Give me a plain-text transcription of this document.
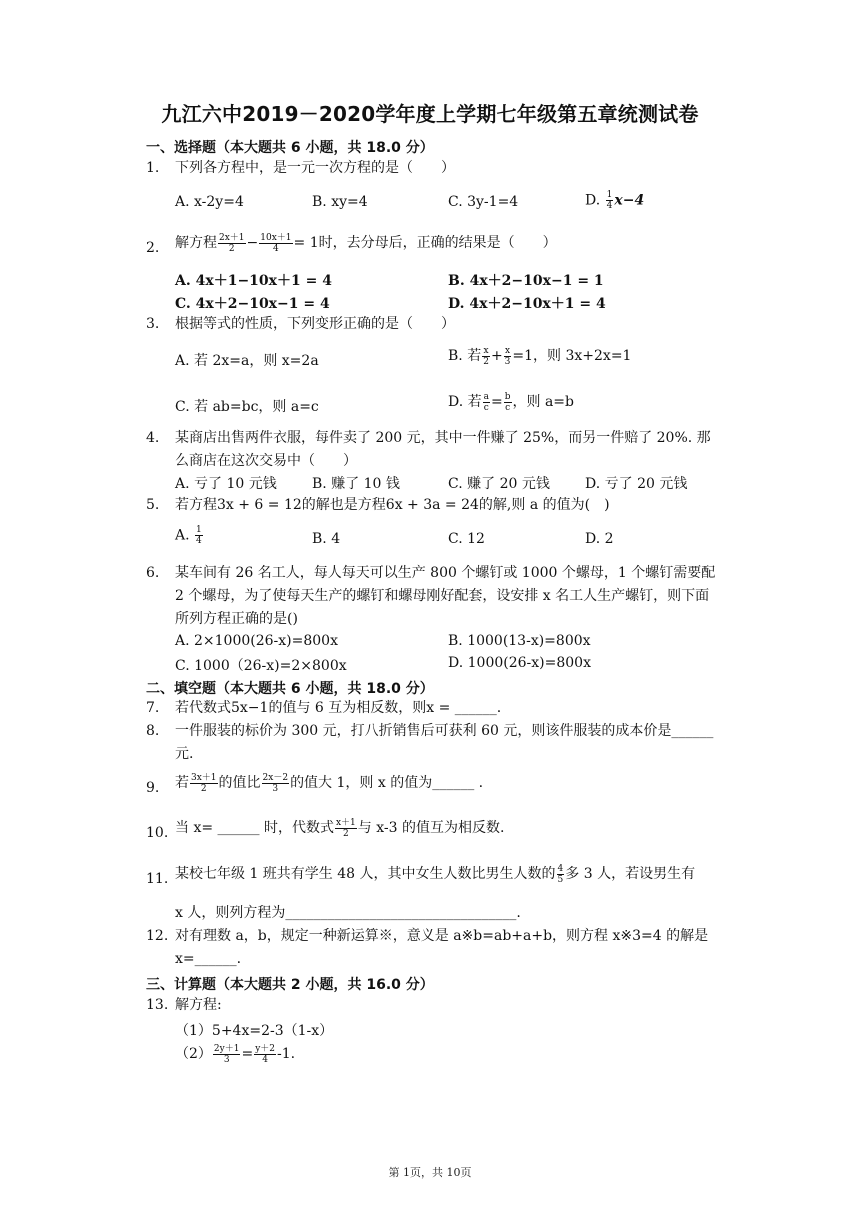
九江六中2019－2020学年度上学期七年级第五章统测试卷
一、选择题（本大题共 6 小题，共 18.0 分）
1. 下列各方程中，是一元一次方程的是（　　）
A. x-2y=4	B. xy=4	C. 3y-1=4	D. $\frac{1}{4} x-4$
2. 解方程 $\frac{2x+1}{2} - \frac{10x+1}{4} = 1$时，去分母后，正确的结果是（　　）
A. 4x＋1−10x＋1 = 4	B. 4x＋2−10x−1 = 1
C. 4x＋2−10x−1 = 4	D. 4x＋2−10x＋1 = 4
3. 根据等式的性质，下列变形正确的是（　　）
A. 若 2x=a，则 x=2a	B. 若 $\frac{x}{2} + \frac{x}{3} =1$，则 3x+2x=1
C. 若 ab=bc，则 a=c	D. 若 $\frac{a}{c} = \frac{b}{c}$ ，则 a=b
4. 某商店出售两件衣服，每件卖了 200 元，其中一件赚了 25%，而另一件赔了 20%. 那么商店在这次交易中（　　）
A. 亏了 10 元钱	B. 赚了 10 钱	C. 赚了 20 元钱	D. 亏了 20 元钱
5. 若方程3x + 6 = 12的解也是方程6x + 3a = 24的解,则 a 的值为(　)
A. $\frac{1}{4}$	B. 4	C. 12	D. 2
6. 某车间有 26 名工人，每人每天可以生产 800 个螺钉或 1000 个螺母，1 个螺钉需要配 2 个螺母，为了使每天生产的螺钉和螺母刚好配套，设安排 x 名工人生产螺钉，则下面所列方程正确的是()
A. 2×1000(26-x)=800x	B. 1000(13-x)=800x
C. 1000（26-x)=2×800x	D. 1000(26-x)=800x
二、填空题（本大题共 6 小题，共 18.0 分）
7. 若代数式5x−1的值与 6 互为相反数，则x = ______.
8. 一件服装的标价为 300 元，打八折销售后可获利 60 元，则该件服装的成本价是______元.
9. 若 $\frac{3x+1}{2}$ 的值比 $\frac{2x-2}{3}$ 的值大 1，则 x 的值为______ .
10. 当 x= ______ 时，代数式 $\frac{x+1}{2}$ 与 x-3 的值互为相反数.
11. 某校七年级 1 班共有学生 48 人，其中女生人数比男生人数的 $\frac{4}{5}$ 多 3 人，若设男生有
x 人，则列方程为_________________________________.
12. 对有理数 a，b，规定一种新运算※，意义是 a※b=ab+a+b，则方程 x※3=4 的解是 x=______.
三、计算题（本大题共 2 小题，共 16.0 分）
13. 解方程:
（1）5+4x=2-3（1-x）
$(2) \frac{2y+1}{3} = \frac{y+2}{4} -1$.
第 1页，共 10页
